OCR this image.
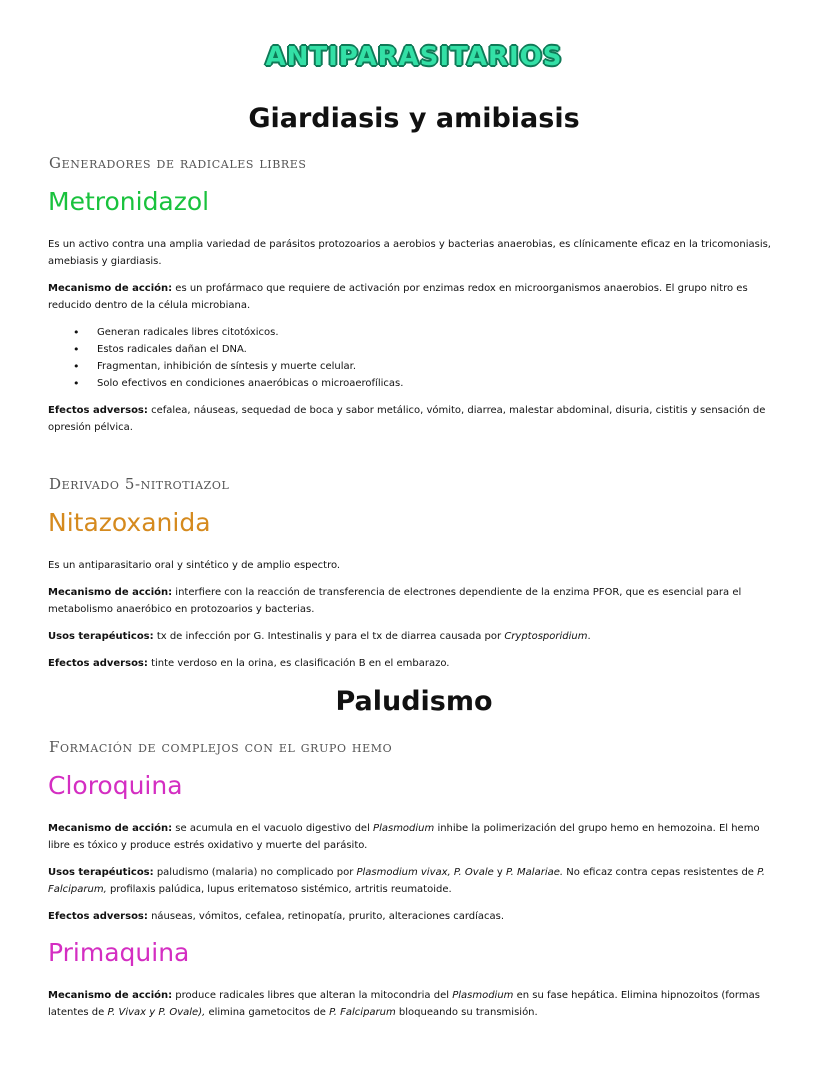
ANTIPARASITARIOS
Giardiasis y amibiasis
Generadores de radicales libres
Metronidazol
Es un activo contra una amplia variedad de parásitos protozoarios a aerobios y bacterias anaerobias, es clínicamente eficaz en la tricomoniasis, amebiasis y giardiasis.
Mecanismo de acción: es un profármaco que requiere de activación por enzimas redox en microorganismos anaerobios. El grupo nitro es reducido dentro de la célula microbiana.
• Generan radicales libres citotóxicos.
• Estos radicales dañan el DNA.
• Fragmentan, inhibición de síntesis y muerte celular.
• Solo efectivos en condiciones anaeróbicas o microaerofílicas.
Efectos adversos: cefalea, náuseas, sequedad de boca y sabor metálico, vómito, diarrea, malestar abdominal, disuria, cistitis y sensación de opresión pélvica.
Derivado 5-nitrotiazol
Nitazoxanida
Es un antiparasitario oral y sintético y de amplio espectro.
Mecanismo de acción: interfiere con la reacción de transferencia de electrones dependiente de la enzima PFOR, que es esencial para el metabolismo anaeróbico en protozoarios y bacterias.
Usos terapéuticos: tx de infección por G. Intestinalis y para el tx de diarrea causada por Cryptosporidium.
Efectos adversos: tinte verdoso en la orina, es clasificación B en el embarazo.
Paludismo
Formación de complejos con el grupo hemo
Cloroquina
Mecanismo de acción: se acumula en el vacuolo digestivo del Plasmodium inhibe la polimerización del grupo hemo en hemozoina. El hemo libre es tóxico y produce estrés oxidativo y muerte del parásito.
Usos terapéuticos: paludismo (malaria) no complicado por Plasmodium vivax, P. Ovale y P. Malariae. No eficaz contra cepas resistentes de P. Falciparum, profilaxis palúdica, lupus eritematoso sistémico, artritis reumatoide.
Efectos adversos: náuseas, vómitos, cefalea, retinopatía, prurito, alteraciones cardíacas.
Primaquina
Mecanismo de acción: produce radicales libres que alteran la mitocondria del Plasmodium en su fase hepática. Elimina hipnozoitos (formas latentes de P. Vivax y P. Ovale), elimina gametocitos de P. Falciparum bloqueando su transmisión.
